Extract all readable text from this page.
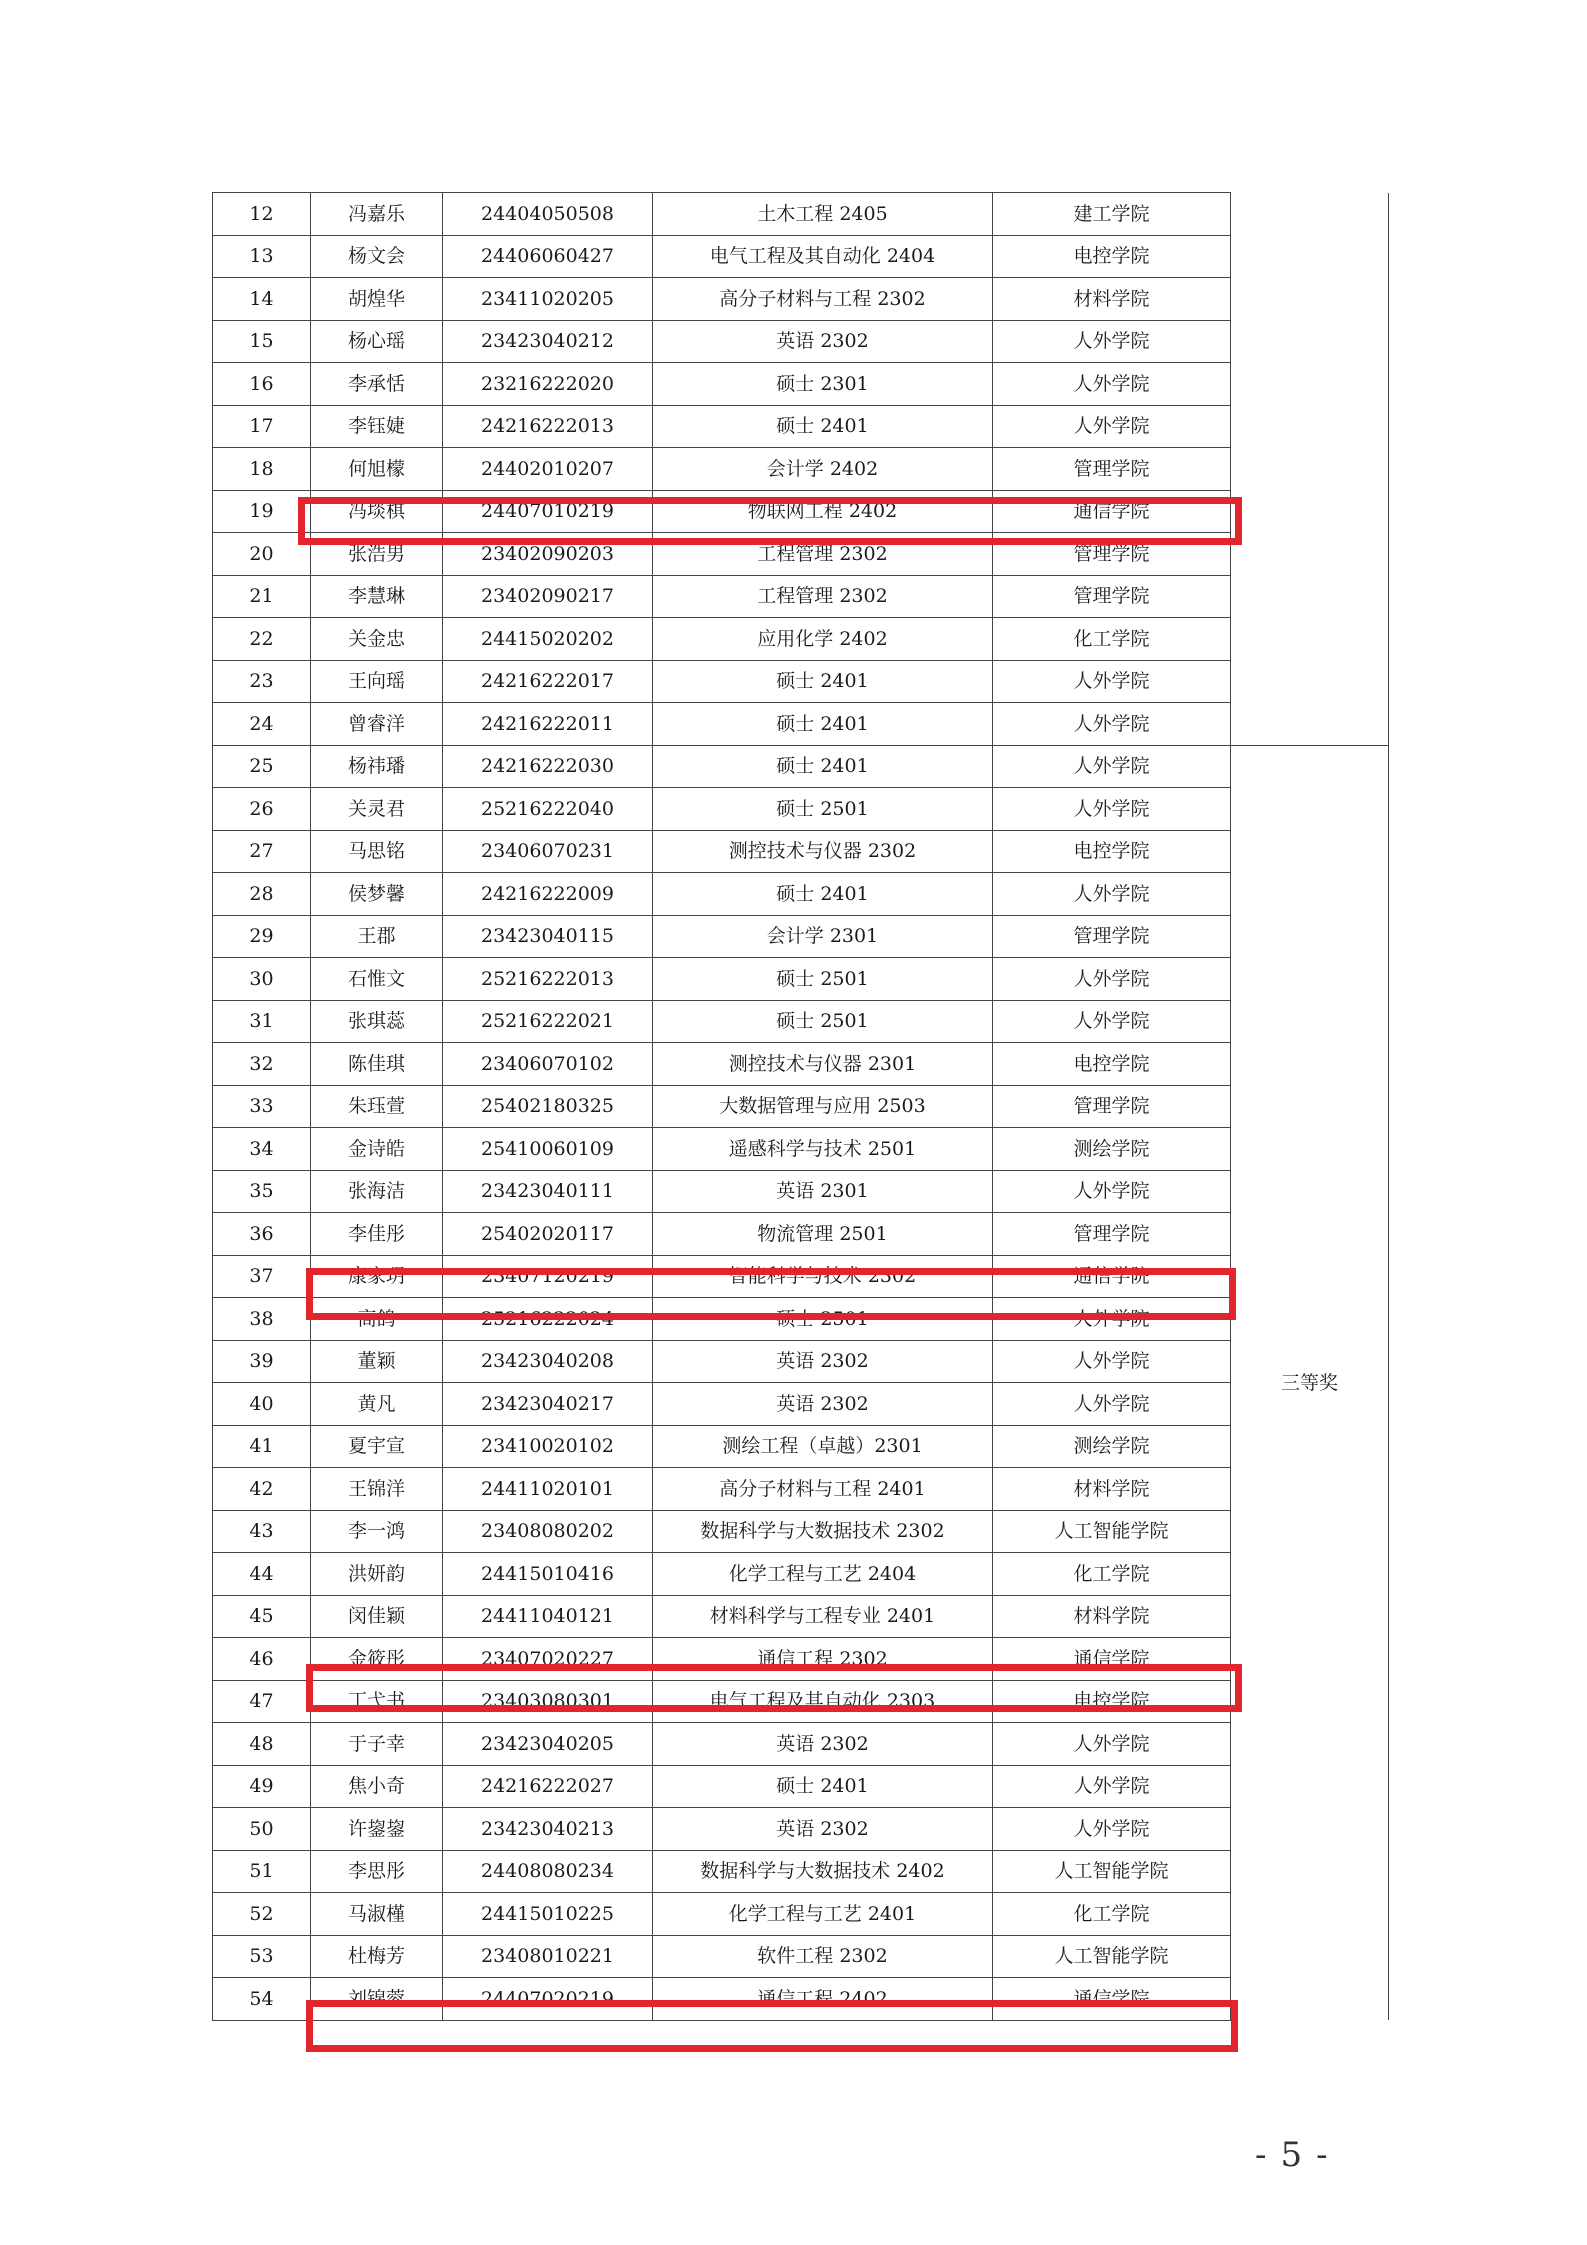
12	冯嘉乐	24404050508	土木工程 2405	建工学院	
13	杨文会	24406060427	电气工程及其自动化 2404	电控学院	
14	胡煌华	23411020205	高分子材料与工程 2302	材料学院	
15	杨心瑶	23423040212	英语 2302	人外学院	
16	李承恬	23216222020	硕士 2301	人外学院	
17	李钰婕	24216222013	硕士 2401	人外学院	
18	何旭檬	24402010207	会计学 2402	管理学院	
19	冯埮棋	24407010219	物联网工程 2402	通信学院	
20	张浩男	23402090203	工程管理 2302	管理学院	
21	李慧琳	23402090217	工程管理 2302	管理学院	
22	关金忠	24415020202	应用化学 2402	化工学院	
23	王向瑶	24216222017	硕士 2401	人外学院	
24	曾睿洋	24216222011	硕士 2401	人外学院	
25	杨祎璠	24216222030	硕士 2401	人外学院	三等奖
26	关灵君	25216222040	硕士 2501	人外学院	
27	马思铭	23406070231	测控技术与仪器 2302	电控学院	
28	侯梦馨	24216222009	硕士 2401	人外学院	
29	王郡	23423040115	会计学 2301	管理学院	
30	石惟文	25216222013	硕士 2501	人外学院	
31	张琪蕊	25216222021	硕士 2501	人外学院	
32	陈佳琪	23406070102	测控技术与仪器 2301	电控学院	
33	朱珏萱	25402180325	大数据管理与应用 2503	管理学院	
34	金诗皓	25410060109	遥感科学与技术 2501	测绘学院	
35	张海洁	23423040111	英语 2301	人外学院	
36	李佳彤	25402020117	物流管理 2501	管理学院	
37	康家玥	23407120219	智能科学与技术 2302	通信学院	
38	高鸽	25216222024	硕士 2501	人外学院	
39	董颖	23423040208	英语 2302	人外学院	
40	黄凡	23423040217	英语 2302	人外学院	
41	夏宇宣	23410020102	测绘工程（卓越）2301	测绘学院	
42	王锦洋	24411020101	高分子材料与工程 2401	材料学院	
43	李一鸿	23408080202	数据科学与大数据技术 2302	人工智能学院	
44	洪妍韵	24415010416	化学工程与工艺 2404	化工学院	
45	闵佳颖	24411040121	材料科学与工程专业 2401	材料学院	
46	金筱彤	23407020227	通信工程 2302	通信学院	
47	丁弋书	23403080301	电气工程及其自动化 2303	电控学院	
48	于子幸	23423040205	英语 2302	人外学院	
49	焦小奇	24216222027	硕士 2401	人外学院	
50	许鋆鋆	23423040213	英语 2302	人外学院	
51	李思彤	24408080234	数据科学与大数据技术 2402	人工智能学院	
52	马淑槿	24415010225	化学工程与工艺 2401	化工学院	
53	杜梅芳	23408010221	软件工程 2302	人工智能学院	
54	刘锦蓉	24407020219	通信工程 2402	通信学院	
-5-
